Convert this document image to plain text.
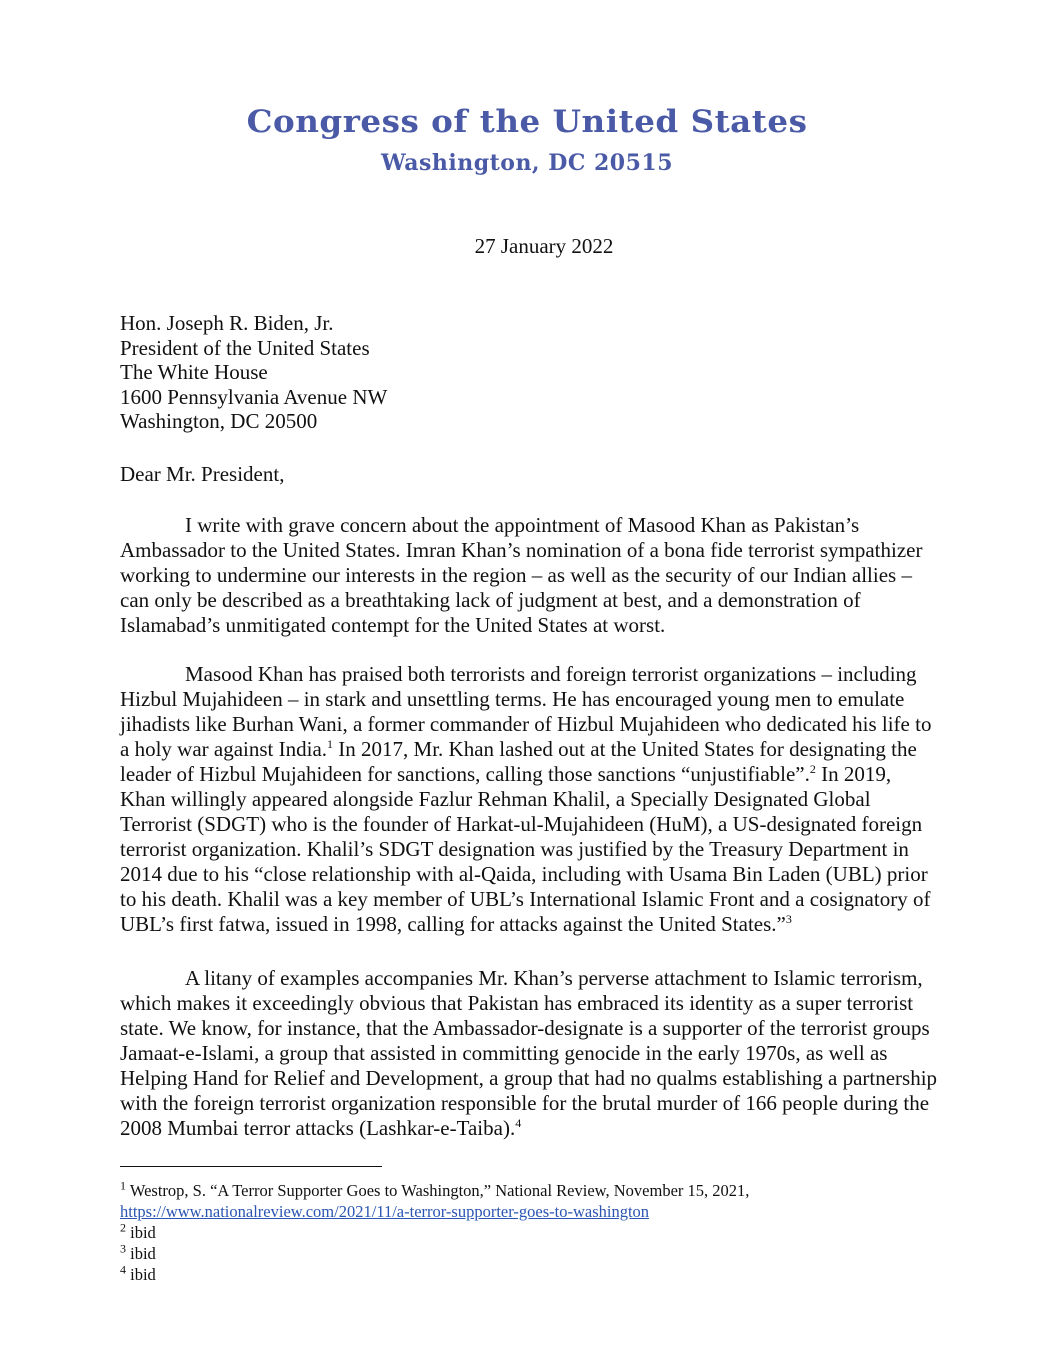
Congress of the United States
Washington, DC 20515
27 January 2022
Hon. Joseph R. Biden, Jr.
President of the United States
The White House
1600 Pennsylvania Avenue NW
Washington, DC 20500
Dear Mr. President,
I write with grave concern about the appointment of Masood Khan as Pakistan’s
Ambassador to the United States. Imran Khan’s nomination of a bona fide terrorist sympathizer
working to undermine our interests in the region – as well as the security of our Indian allies –
can only be described as a breathtaking lack of judgment at best, and a demonstration of
Islamabad’s unmitigated contempt for the United States at worst.
Masood Khan has praised both terrorists and foreign terrorist organizations – including
Hizbul Mujahideen – in stark and unsettling terms. He has encouraged young men to emulate
jihadists like Burhan Wani, a former commander of Hizbul Mujahideen who dedicated his life to
a holy war against India.$^1$ In 2017, Mr. Khan lashed out at the United States for designating the
leader of Hizbul Mujahideen for sanctions, calling those sanctions “unjustifiable”.$^2$ In 2019,
Khan willingly appeared alongside Fazlur Rehman Khalil, a Specially Designated Global
Terrorist (SDGT) who is the founder of Harkat-ul-Mujahideen (HuM), a US-designated foreign
terrorist organization. Khalil’s SDGT designation was justified by the Treasury Department in
2014 due to his “close relationship with al-Qaida, including with Usama Bin Laden (UBL) prior
to his death. Khalil was a key member of UBL’s International Islamic Front and a cosignatory of
UBL’s first fatwa, issued in 1998, calling for attacks against the United States.”$^3$
A litany of examples accompanies Mr. Khan’s perverse attachment to Islamic terrorism,
which makes it exceedingly obvious that Pakistan has embraced its identity as a super terrorist
state. We know, for instance, that the Ambassador-designate is a supporter of the terrorist groups
Jamaat-e-Islami, a group that assisted in committing genocide in the early 1970s, as well as
Helping Hand for Relief and Development, a group that had no qualms establishing a partnership
with the foreign terrorist organization responsible for the brutal murder of 166 people during the
2008 Mumbai terror attacks (Lashkar-e-Taiba).$^4$
$^1$ Westrop, S. “A Terror Supporter Goes to Washington,” National Review, November 15, 2021,
https://www.nationalreview.com/2021/11/a-terror-supporter-goes-to-washington
$^2$ ibid
$^3$ ibid
$^4$ ibid
